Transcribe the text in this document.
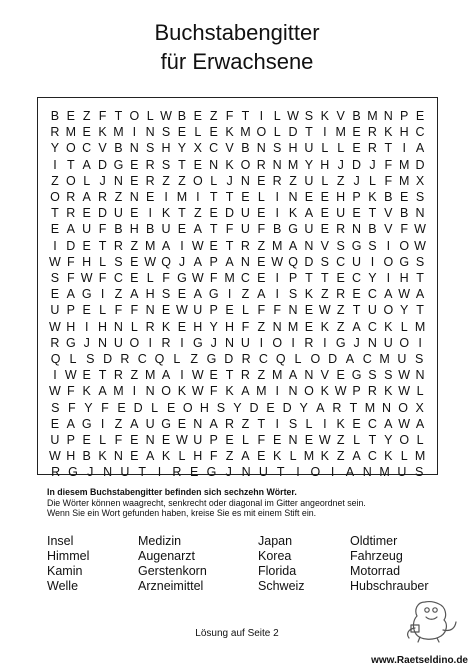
Buchstabengitter
für Erwachsene
B E Z F T O L W B E Z F T I L W S K V B M N P E
R M E K M I N S E L E K M O L D T I M E R K H C
Y O C V B N S H Y X C V B N S H U L L E R T I A
I T A D G E R S T E N K O R N M Y H J D J F M D
Z O L J N E R Z Z O L J N E R Z U L Z J L F M X
O R A R Z N E I M I T T E L I N E E H P K B E S
T R E D U E I K T Z E D U E I K A E U E T V B N
E A U F B H B U E A T F U F B G U E R N B V F W
I D E T R Z M A I W E T R Z M A N V S G S I O W
W F H L S E W Q J A P A N E W Q D S C U I O G S
S F W F C E L F G W F M C E I P T T E C Y I H T
E A G I Z A H S E A G I Z A I S K Z R E C A W A
U P E L F F N E W U P E L F F N E W Z T U O Y T
W H I H N L R K E H Y H F Z N M E K Z A C K L M
R G J N U O I R I G J N U I O I R I G J N U O I
Q L S D R C Q L Z G D R C Q L O D A C M U S
I W E T R Z M A I W E T R Z M A N V E G S S W N
W F K A M I N O K W F K A M I N O K W P R K W L
S F Y F E D L E O H S Y D E D Y A R T M N O X
E A G I Z A U G E N A R Z T I S L I K E C A W A
U P E L F E N E W U P E L F E N E W Z L T Y O L
W H B K N E A K L H F Z A E K L M K Z A C K L M
R G J N U T I R E G J N U T I O I A N M U S
In diesem Buchstabengitter befinden sich sechzehn Wörter.
Die Wörter können waagrecht, senkrecht oder diagonal im Gitter angeordnet sein.
Wenn Sie ein Wort gefunden haben, kreise Sie es mit einem Stift ein.
Insel
Himmel
Kamin
Welle
Medizin
Augenarzt
Gerstenkorn
Arzneimittel
Japan
Korea
Florida
Schweiz
Oldtimer
Fahrzeug
Motorrad
Hubschrauber
Lösung auf Seite 2
www.Raetseldino.de
